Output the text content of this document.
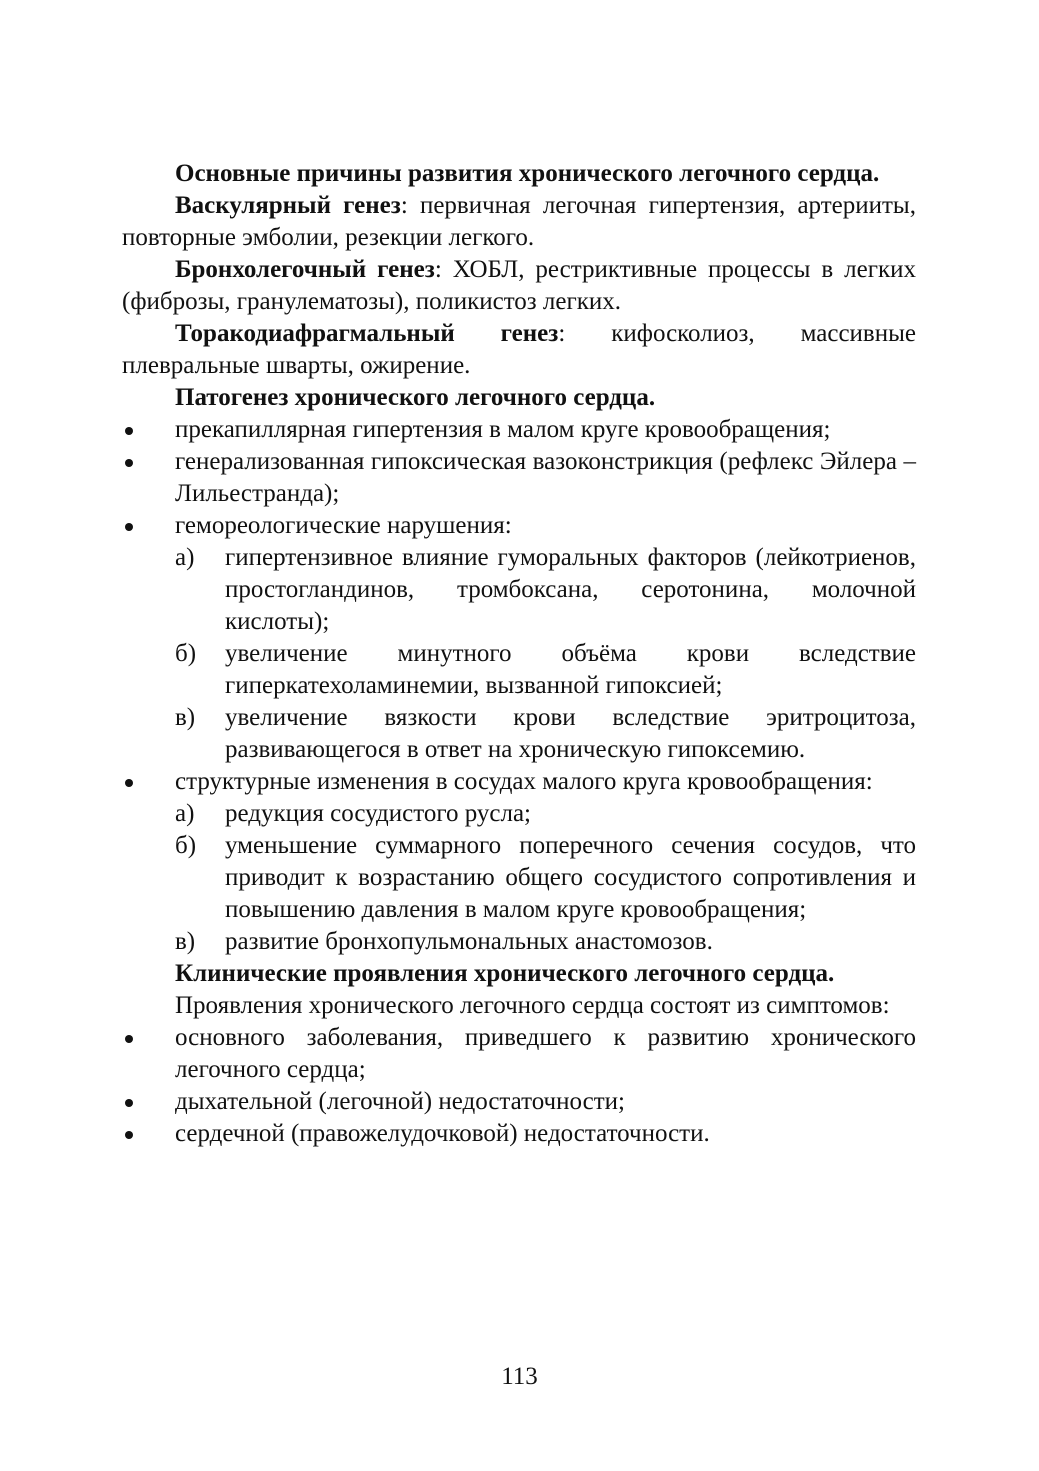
Основные причины развития хронического легочного сердца.

Васкулярный генез: первичная легочная гипертензия, артерииты, повторные эмболии, резекции легкого.

Бронхолегочный генез: ХОБЛ, рестриктивные процессы в легких (фиброзы, гранулематозы), поликистоз легких.

Торакодиафрагмальный генез: кифосколиоз, массивные плевральные шварты, ожирение.

Патогенез хронического легочного сердца.

прекапиллярная гипертензия в малом круге кровообращения;
генерализованная гипоксическая вазоконстрикция (рефлекс Эйлера – Лильестранда);
гемореологические нарушения:
а) гипертензивное влияние гуморальных факторов (лейкотриенов, простогландинов, тромбоксана, серотонина, молочной кислоты);
б) увеличение минутного объёма крови вследствие гиперкатехоламинемии, вызванной гипоксией;
в) увеличение вязкости крови вследствие эритроцитоза, развивающегося в ответ на хроническую гипоксемию.
структурные изменения в сосудах малого круга кровообращения:
а) редукция сосудистого русла;
б) уменьшение суммарного поперечного сечения сосудов, что приводит к возрастанию общего сосудистого сопротивления и повышению давления в малом круге кровообращения;
в) развитие бронхопульмональных анастомозов.

Клинические проявления хронического легочного сердца.

Проявления хронического легочного сердца состоят из симптомов:

основного заболевания, приведшего к развитию хронического легочного сердца;
дыхательной (легочной) недостаточности;
сердечной (правожелудочковой) недостаточности.
113
